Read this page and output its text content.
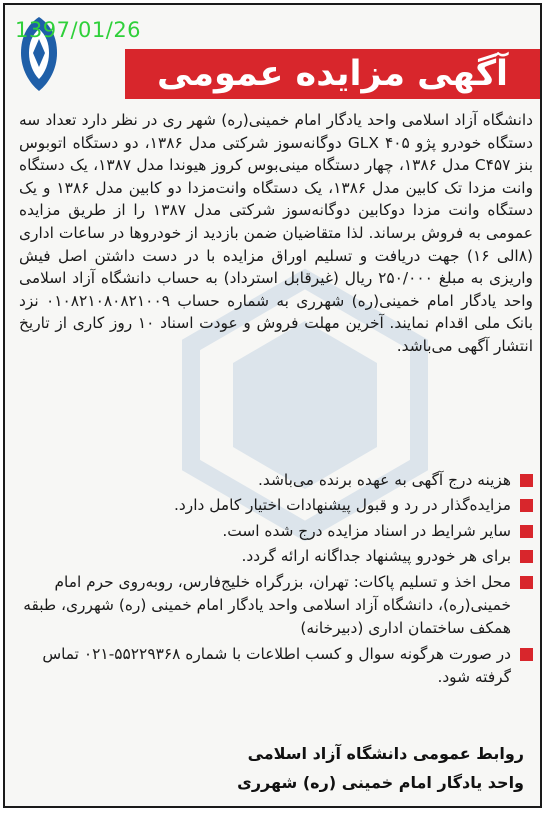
1397/01/26
آگهی مزایده عمومی
دانشگاه آزاد اسلامی واحد یادگار امام خمینی(ره) شهر ری در نظر دارد تعداد سه دستگاه خودرو پژو GLX ۴۰۵ دوگانه‌سوز شرکتی مدل ۱۳۸۶، دو دستگاه اتوبوس بنز C۴۵۷ مدل ۱۳۸۶، چهار دستگاه مینی‌بوس کروز هیوندا مدل ۱۳۸۷، یک دستگاه وانت مزدا تک کابین مدل ۱۳۸۶، یک دستگاه وانت‌مزدا دو کابین مدل ۱۳۸۶ و یک دستگاه وانت مزدا دوکابین دوگانه‌سوز شرکتی مدل ۱۳۸۷ را از طریق مزایده عمومی به فروش برساند. لذا متقاضیان ضمن بازدید از خودروها در ساعات اداری (۸الی ۱۶) جهت دریافت و تسلیم اوراق مزایده با در دست داشتن اصل فیش واریزی به مبلغ ۲۵۰/۰۰۰ ریال (غیرقابل استرداد) به حساب دانشگاه آزاد اسلامی واحد یادگار امام خمینی(ره) شهرری به شماره حساب ۰۱۰۸۲۱۰۸۰۸۲۱۰۰۹ نزد بانک ملی اقدام نمایند. آخرین مهلت فروش و عودت اسناد ۱۰ روز کاری از تاریخ انتشار آگهی می‌باشد.
هزینه درج آگهی به عهده برنده می‌باشد.
مزایده‌گذار در رد و قبول پیشنهادات اختیار کامل دارد.
سایر شرایط در اسناد مزایده درج شده است.
برای هر خودرو پیشنهاد جداگانه ارائه گردد.
محل اخذ و تسلیم پاکات: تهران، بزرگراه خلیج‌فارس، روبه‌روی حرم امام خمینی(ره)، دانشگاه آزاد اسلامی واحد یادگار امام خمینی (ره) شهرری، طبقه همکف ساختمان اداری (دبیرخانه)
در صورت هرگونه سوال و کسب اطلاعات با شماره ۵۵۲۲۹۳۶۸-۰۲۱ تماس گرفته شود.
روابط عمومی دانشگاه آزاد اسلامی
واحد یادگار امام خمینی (ره) شهرری
